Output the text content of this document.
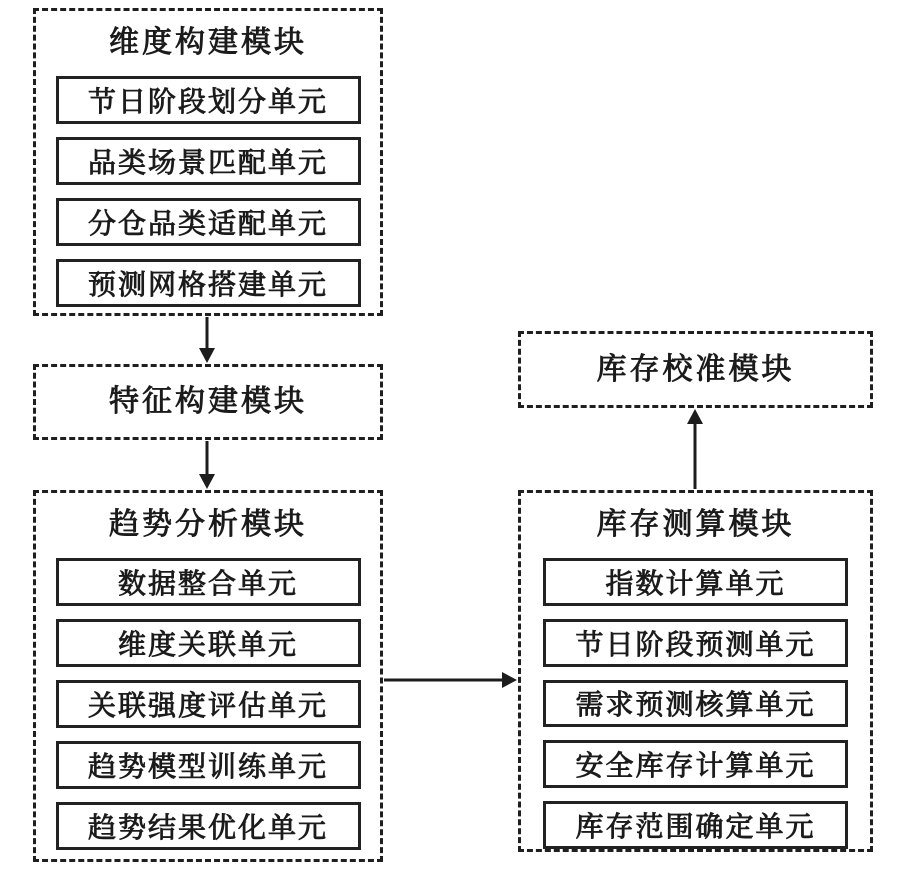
维度构建模块
节日阶段划分单元
品类场景匹配单元
分仓品类适配单元
预测网格搭建单元
特征构建模块
趋势分析模块
数据整合单元
维度关联单元
关联强度评估单元
趋势模型训练单元
趋势结果优化单元
库存校准模块
库存测算模块
指数计算单元
节日阶段预测单元
需求预测核算单元
安全库存计算单元
库存范围确定单元
